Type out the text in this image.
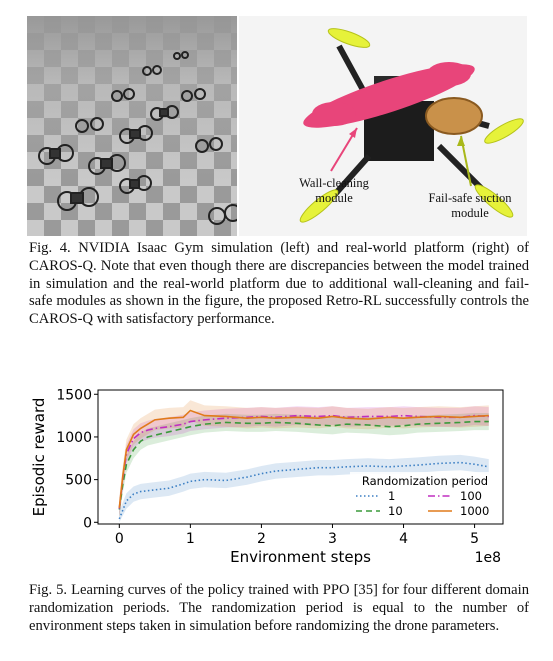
Wall-cleaning
module	Fail-safe suction
module
Fig. 4. NVIDIA Isaac Gym simulation (left) and real-world platform (right) of CAROS-Q. Note that even though there are discrepancies between the model trained in simulation and the real-world platform due to additional wall-cleaning and fail-safe modules as shown in the figure, the proposed Retro-RL successfully controls the CAROS-Q with satisfactory performance.
0
500
1000
1500
0	1	2	3	4	5
Environment steps	1e8
Episodic reward	Randomization period
1	100
10	1000
Fig. 5. Learning curves of the policy trained with PPO [35] for four different domain randomization periods. The randomization period is equal to the number of environment steps taken in simulation before randomizing the drone parameters.
